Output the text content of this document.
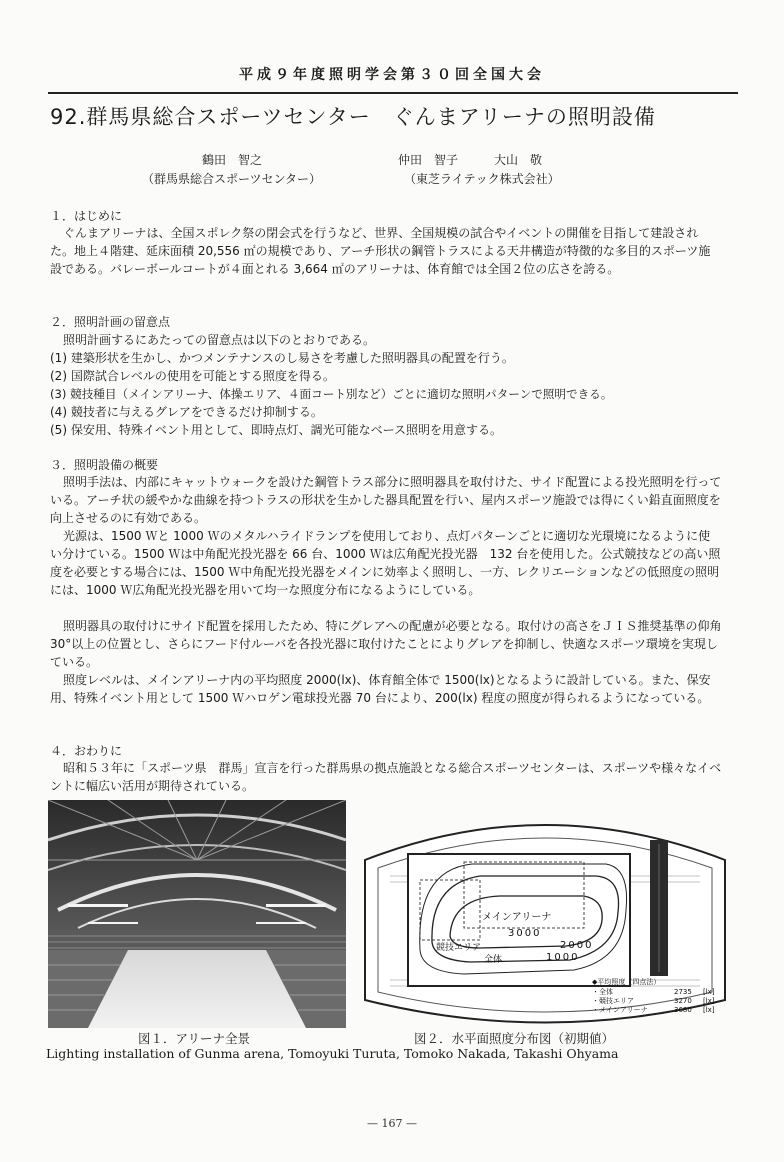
平成９年度照明学会第３０回全国大会
92.群馬県総合スポーツセンター　ぐんまアリーナの照明設備
鶴田　智之
（群馬県総合スポーツセンター）
仲田　智子　　　大山　敬
（東芝ライテック株式会社）
１．はじめに

ぐんまアリーナは、全国スポレク祭の閉会式を行うなど、世界、全国規模の試合やイベントの開催を目指して建設された。地上４階建、延床面積 20,556 ㎡の規模であり、アーチ形状の鋼管トラスによる天井構造が特徴的な多目的スポーツ施設である。バレーボールコートが４面とれる 3,664 ㎡のアリーナは、体育館では全国２位の広さを誇る。

２．照明計画の留意点

照明計画するにあたっての留意点は以下のとおりである。

(1) 建築形状を生かし、かつメンテナンスのし易さを考慮した照明器具の配置を行う。
(2) 国際試合レベルの使用を可能とする照度を得る。
(3) 競技種目（メインアリーナ、体操エリア、４面コート別など）ごとに適切な照明パターンで照明できる。
(4) 競技者に与えるグレアをできるだけ抑制する。
(5) 保安用、特殊イベント用として、即時点灯、調光可能なベース照明を用意する。
３．照明設備の概要

照明手法は、内部にキャットウォークを設けた鋼管トラス部分に照明器具を取付けた、サイド配置による投光照明を行っている。アーチ状の緩やかな曲線を持つトラスの形状を生かした器具配置を行い、屋内スポーツ施設では得にくい鉛直面照度を向上させるのに有効である。

光源は、1500 Ｗと 1000 Ｗのメタルハライドランプを使用しており、点灯パターンごとに適切な光環境になるように使い分けている。1500 Ｗは中角配光投光器を 66 台、1000 Ｗは広角配光投光器　132 台を使用した。公式競技などの高い照度を必要とする場合には、1500 Ｗ中角配光投光器をメインに効率よく照明し、一方、レクリエーションなどの低照度の照明には、1000 Ｗ広角配光投光器を用いて均一な照度分布になるようにしている。

照明器具の取付けにサイド配置を採用したため、特にグレアへの配慮が必要となる。取付けの高さをＪＩＳ推奨基準の仰角 30°以上の位置とし、さらにフード付ルーバを各投光器に取付けたことによりグレアを抑制し、快適なスポーツ環境を実現している。

照度レベルは、メインアリーナ内の平均照度 2000(lx)、体育館全体で 1500(lx)となるように設計している。また、保安用、特殊イベント用として 1500 Ｗハロゲン電球投光器 70 台により、200(lx) 程度の照度が得られるようになっている。

４．おわりに

昭和５３年に「スポーツ県　群馬」宣言を行った群馬県の拠点施設となる総合スポーツセンターは、スポーツや様々なイベントに幅広い活用が期待されている。

メインアリーナ
3000
2000
1000
競技エリア
全体
◆平均照度（四点法）
・全体	2735 [lx]
・競技エリア	3270 [lx]
・メインアリーナ	3680 [lx]
図１．アリーナ全景	図２．水平面照度分布図（初期値）
Lighting installation of Gunma arena, Tomoyuki Turuta, Tomoko Nakada, Takashi Ohyama
— 167 —
